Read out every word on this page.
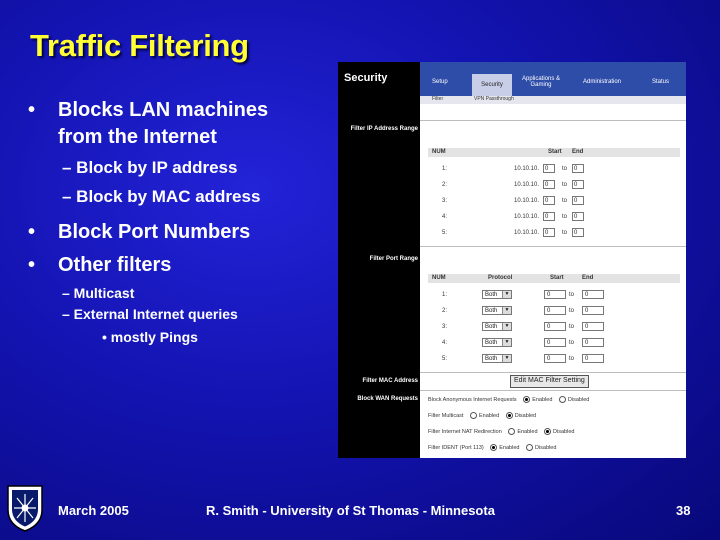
Traffic Filtering
• Blocks LAN machines
from the Internet
– Block by IP address
– Block by MAC address
• Block Port Numbers
• Other filters
– Multicast
– External Internet queries
• mostly Pings
Security	Setup	Security
Applications & Gaming	Administration	Status
Filter	VPN Passthrough
Filter IP Address Range
Filter Port Range
Filter MAC Address
Block WAN Requests
NUM	Start End
1:	10.10.10. 0	to	0
2:	10.10.10. 0	to	0
3:	10.10.10. 0	to	0
4:	10.10.10. 0	to	0
5:	10.10.10. 0	to	0
NUM	Protocol	Start	End
1:	Both	▼	0	to	0
2:	Both	▼	0	to	0
3:	Both	▼	0	to	0
4:	Both	▼	0	to	0
5:	Both	▼	0	to	0
Edit MAC Filter Setting
Block Anonymous Internet Requests	Enabled	Disabled
Filter Multicast	Enabled	Disabled
Filter Internet NAT Redirection	Enabled	Disabled
Filter IDENT (Port 113)	Enabled	Disabled
March 2005	R. Smith - University of St Thomas - Minnesota	38
